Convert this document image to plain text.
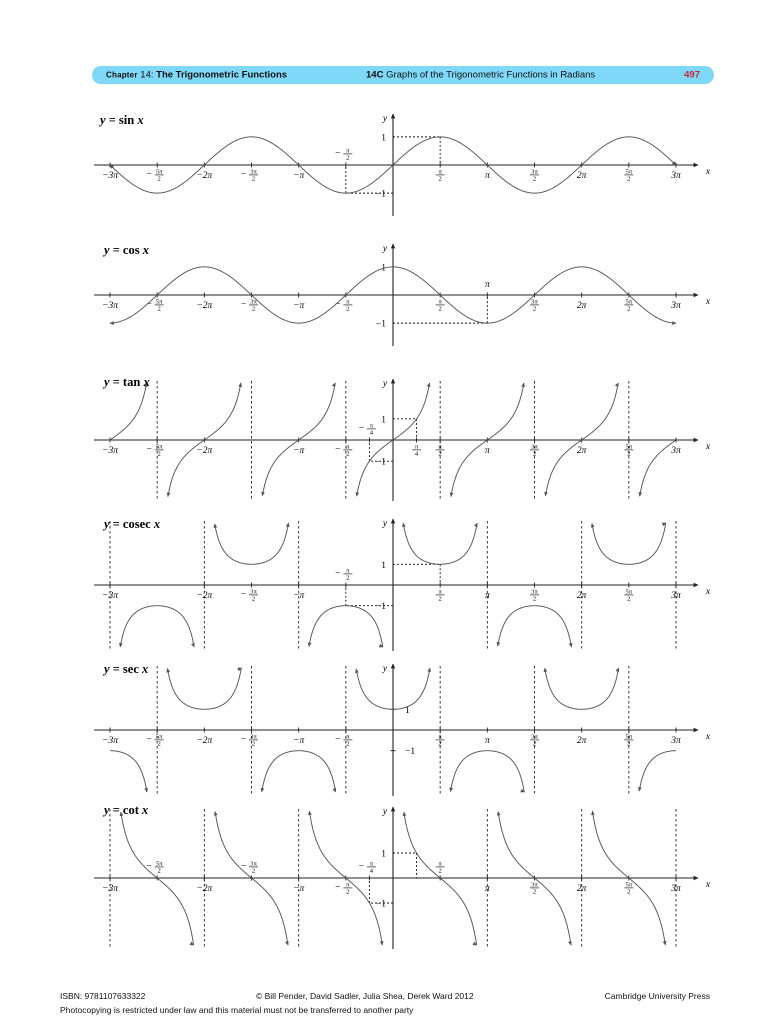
Chapter 14: The Trigonometric Functions	14C Graphs of the Trigonometric Functions in Radians	497
y = sin x
x
y
−3π	− 5π
2	−2π	− 3π
2	−π
− π
2
π
2	π	3π
2	2π	5π
2	3π
1
−1
y = cos x
x
y
−3π	− 5π
2	−2π	− 3π
2	−π	− π
2
π
2
π
3π
2	2π	5π
2	3π
1
−1
y = tan x
x
y
−3π	− 5π
2	−2π	−π	− π
2
− π
4
π
4
π
2	π	3π
2	2π	5π
2	3π
1
−1
y = cosec x
x
y
−3π	−2π	− 3π
2	−π
− π
2
π
2	π	3π
2	2π	5π
2	3π
1
−1
y = sec x
x
y
−3π	− 5π
2	−2π	− 3π
2	−π	− π
2
π
2	π	3π
2	2π	5π
2	3π
1
−1
y = cot x
x
y
−3π
− 5π
2
−2π
− 3π
2
−π	− π
2
− π
4
π
2
π	3π
2	2π	5π
2	3π
1
−1
ISBN: 9781107633322	© Bill Pender, David Sadler, Julia Shea, Derek Ward 2012	Cambridge University Press
Photocopying is restricted under law and this material must not be transferred to another party
